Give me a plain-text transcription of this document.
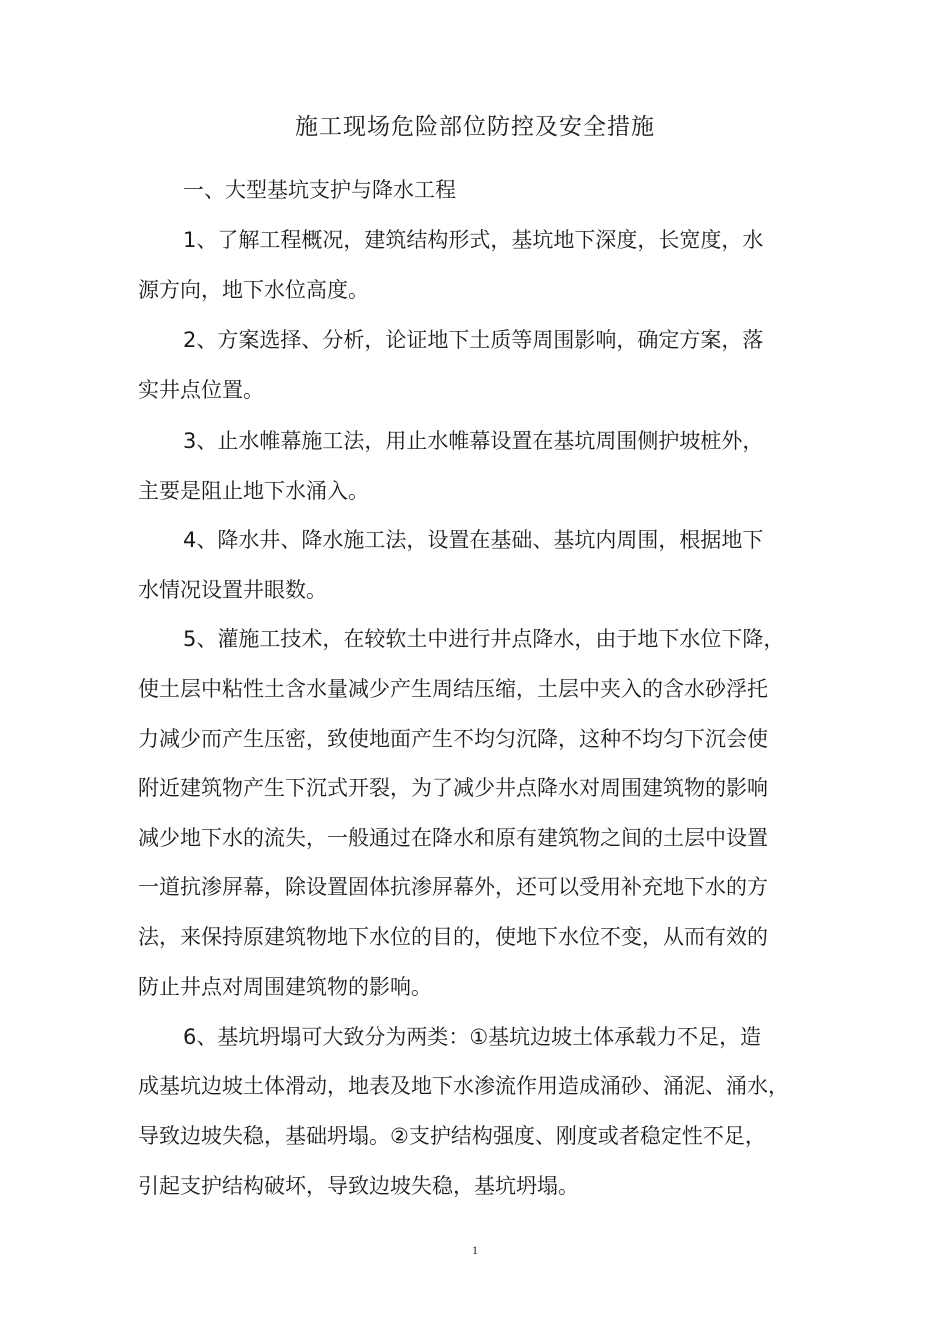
施工现场危险部位防控及安全措施
一、大型基坑支护与降水工程
1、了解工程概况，建筑结构形式，基坑地下深度，长宽度，水
源方向，地下水位高度。
2、方案选择、分析，论证地下土质等周围影响，确定方案，落
实井点位置。
3、止水帷幕施工法，用止水帷幕设置在基坑周围侧护坡桩外，
主要是阻止地下水涌入。
4、降水井、降水施工法，设置在基础、基坑内周围，根据地下
水情况设置井眼数。
5、灌施工技术，在较软土中进行井点降水，由于地下水位下降，
使土层中粘性土含水量减少产生周结压缩，土层中夹入的含水砂浮托
力减少而产生压密，致使地面产生不均匀沉降，这种不均匀下沉会使
附近建筑物产生下沉式开裂，为了减少井点降水对周围建筑物的影响
减少地下水的流失，一般通过在降水和原有建筑物之间的土层中设置
一道抗渗屏幕，除设置固体抗渗屏幕外，还可以受用补充地下水的方
法，来保持原建筑物地下水位的目的，使地下水位不变，从而有效的
防止井点对周围建筑物的影响。
6、基坑坍塌可大致分为两类：①基坑边坡土体承载力不足，造
成基坑边坡土体滑动，地表及地下水渗流作用造成涌砂、涌泥、涌水，
导致边坡失稳，基础坍塌。②支护结构强度、刚度或者稳定性不足，
引起支护结构破坏，导致边坡失稳，基坑坍塌。
1
